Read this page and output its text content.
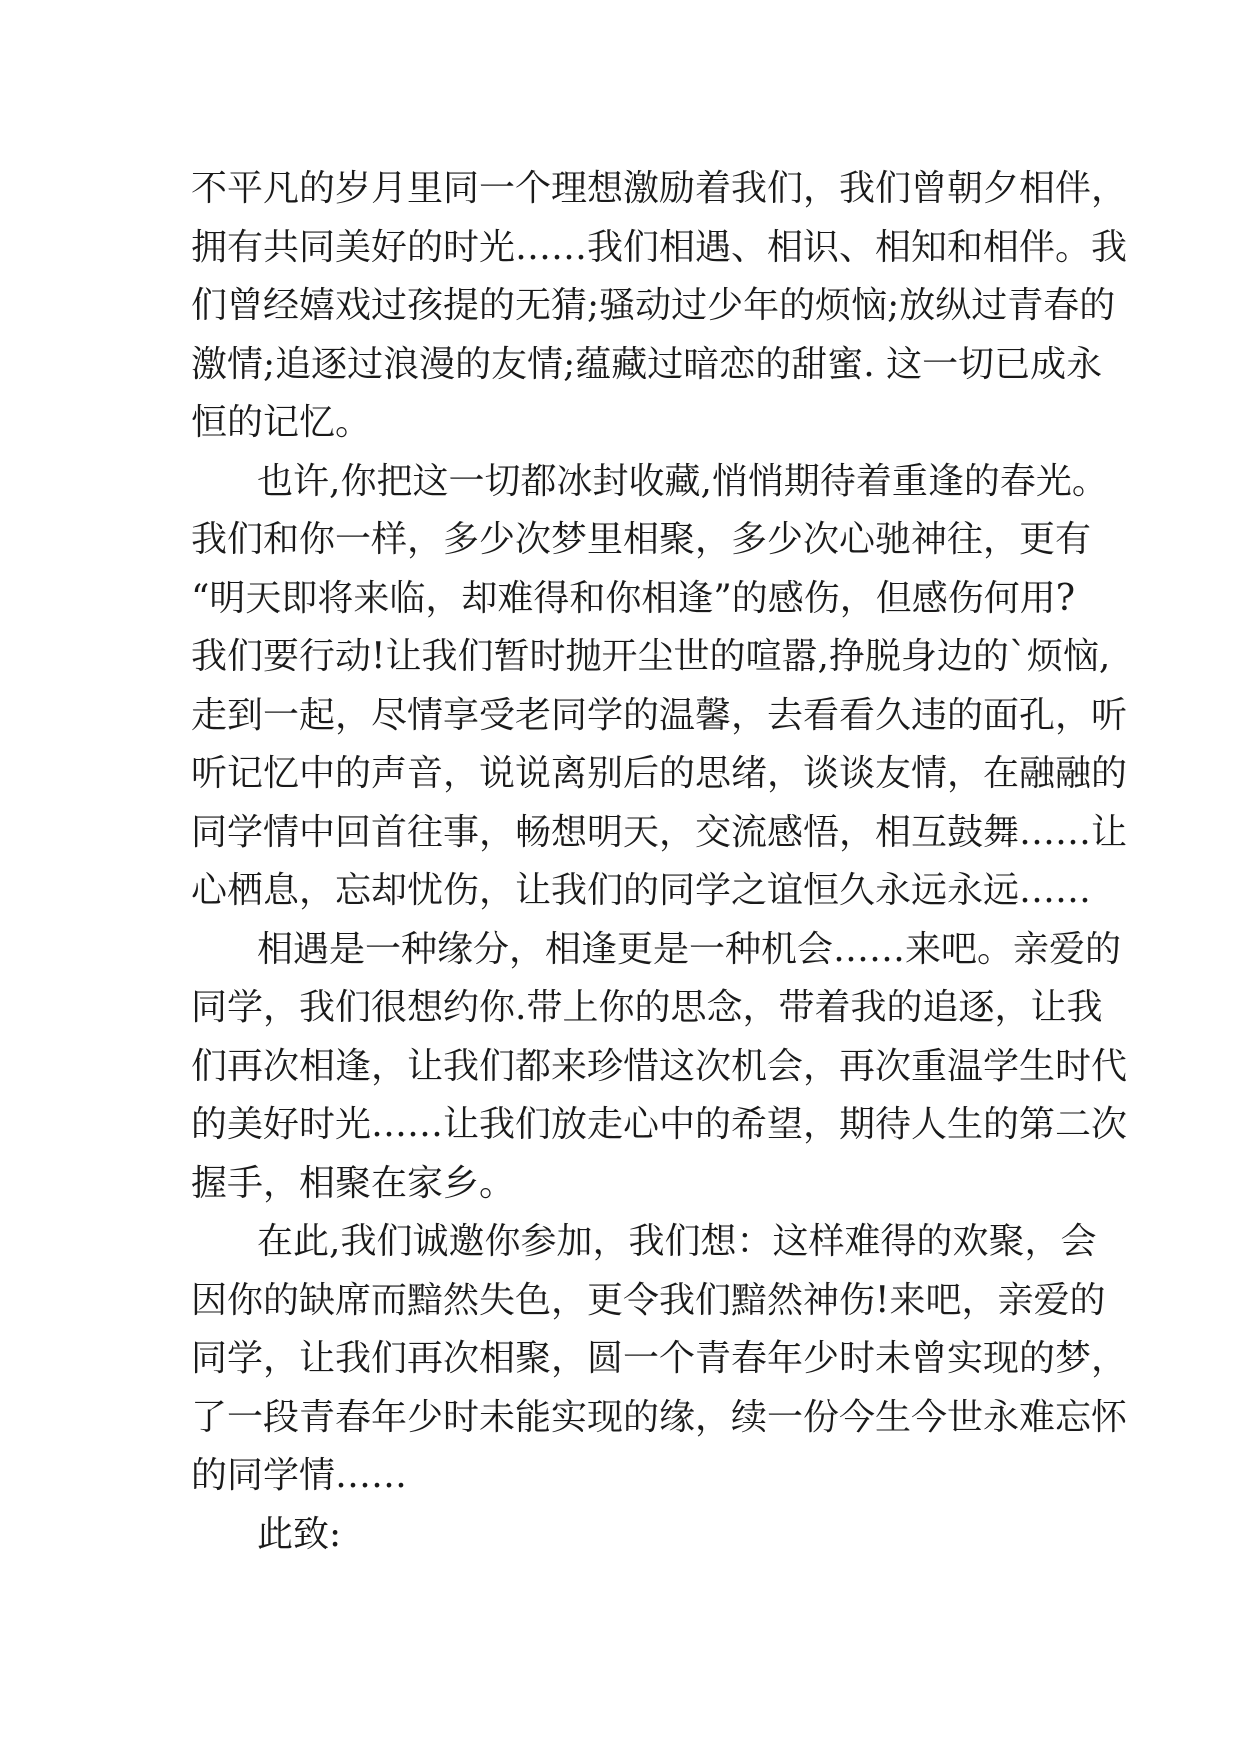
不平凡的岁月里同一个理想激励着我们，我们曾朝夕相伴，
拥有共同美好的时光……我们相遇、相识、相知和相伴。我
们曾经嬉戏过孩提的无猜;骚动过少年的烦恼;放纵过青春的
激情;追逐过浪漫的友情;蕴藏过暗恋的甜蜜. 这一切已成永
恒的记忆。
也许,你把这一切都冰封收藏,悄悄期待着重逢的春光。
我们和你一样，多少次梦里相聚，多少次心驰神往，更有
“明天即将来临，却难得和你相逢”的感伤，但感伤何用?
我们要行动!让我们暂时抛开尘世的喧嚣,挣脱身边的`烦恼,
走到一起，尽情享受老同学的温馨，去看看久违的面孔，听
听记忆中的声音，说说离别后的思绪，谈谈友情，在融融的
同学情中回首往事，畅想明天，交流感悟，相互鼓舞……让
心栖息，忘却忧伤，让我们的同学之谊恒久永远永远……
相遇是一种缘分，相逢更是一种机会……来吧。亲爱的
同学，我们很想约你.带上你的思念，带着我的追逐，让我
们再次相逢，让我们都来珍惜这次机会，再次重温学生时代
的美好时光……让我们放走心中的希望，期待人生的第二次
握手，相聚在家乡。
在此,我们诚邀你参加，我们想：这样难得的欢聚，会
因你的缺席而黯然失色，更令我们黯然神伤!来吧，亲爱的
同学，让我们再次相聚，圆一个青春年少时未曾实现的梦，
了一段青春年少时未能实现的缘，续一份今生今世永难忘怀
的同学情……
此致:
